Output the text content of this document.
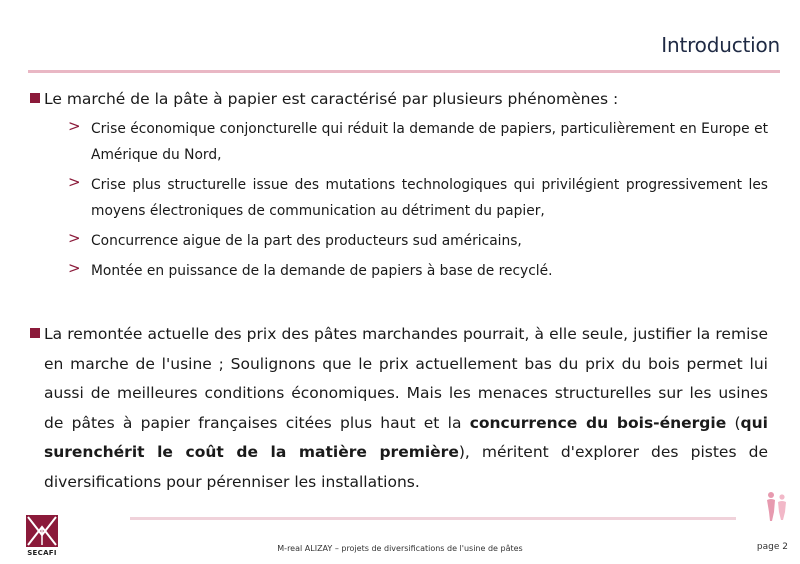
Introduction
Le marché de la pâte à papier est caractérisé par plusieurs phénomènes :
> Crise économique conjoncturelle qui réduit la demande de papiers, particulièrement en Europe et Amérique du Nord,
> Crise plus structurelle issue des mutations technologiques qui privilégient progressivement les moyens électroniques de communication au détriment du papier,
> Concurrence aigue de la part des producteurs sud américains,
> Montée en puissance de la demande de papiers à base de recyclé.
La remontée actuelle des prix des pâtes marchandes pourrait, à elle seule, justifier la remise en marche de l'usine ; Soulignons que le prix actuellement bas du prix du bois permet lui aussi de meilleures conditions économiques. Mais les menaces structurelles sur les usines de pâtes à papier françaises citées plus haut et la concurrence du bois-énergie (qui surenchérit le coût de la matière première), méritent d'explorer des pistes de diversifications pour pérenniser les installations.
SECAFI	M-real ALIZAY – projets de diversifications de l'usine de pâtes	page 2
